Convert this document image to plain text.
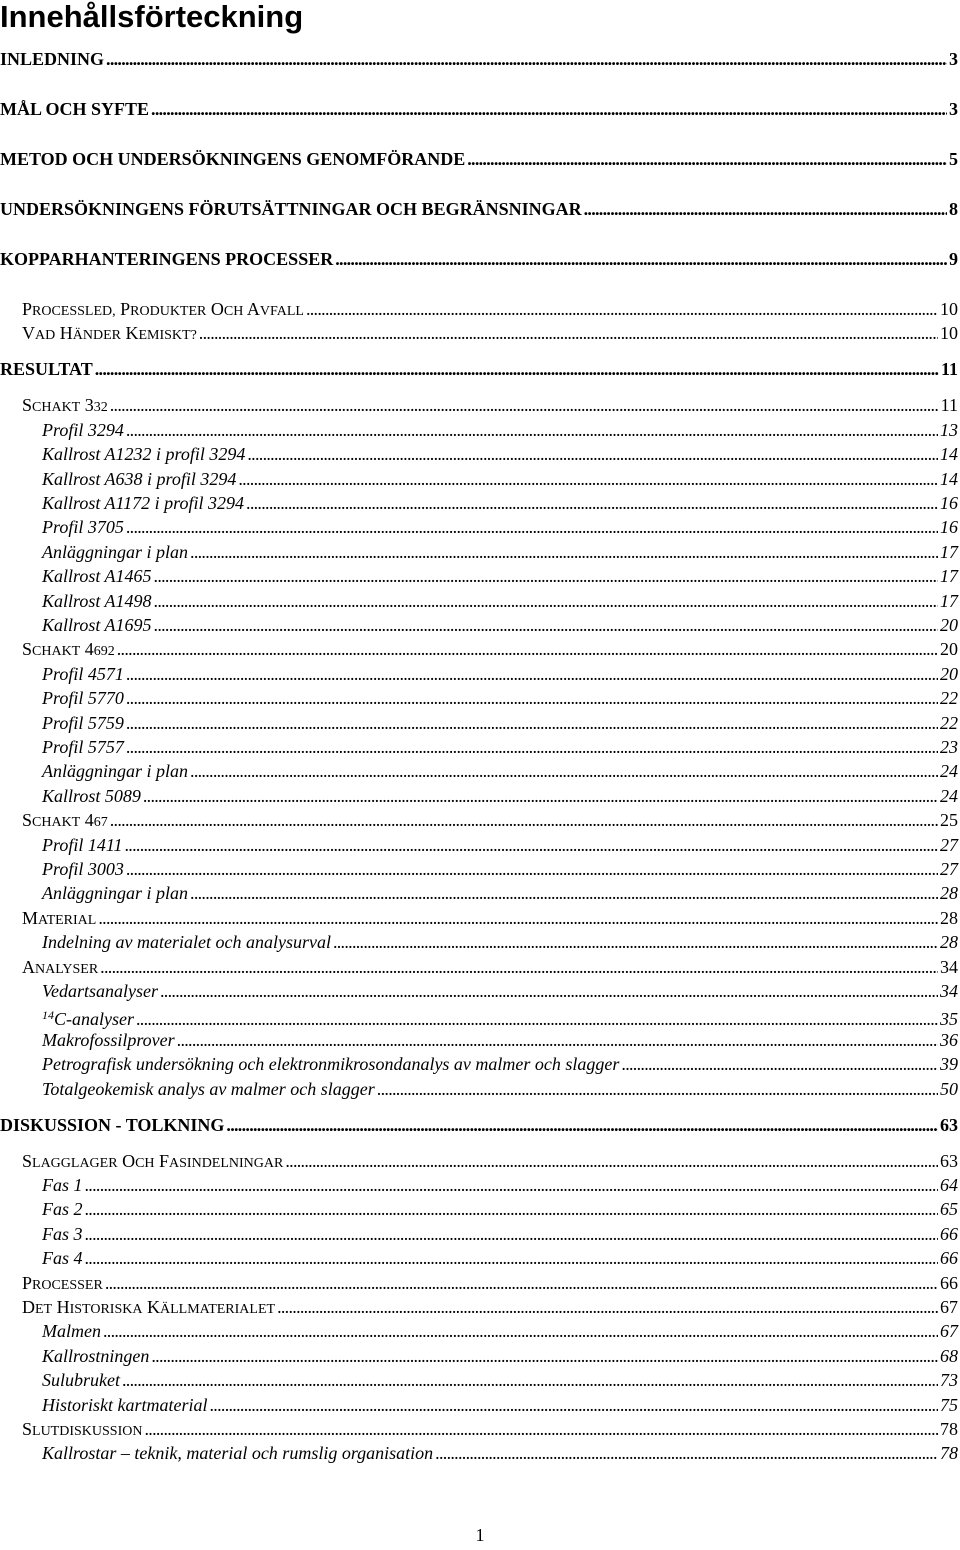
Innehållsförteckning
INLEDNING . . .	3
MÅL OCH SYFTE . . .	3
METOD OCH UNDERSÖKNINGENS GENOMFÖRANDE . . .	5
UNDERSÖKNINGENS FÖRUTSÄTTNINGAR OCH BEGRÄNSNINGAR . . .	8
KOPPARHANTERINGENS PROCESSER . . .	9
PROCESSLED, PRODUKTER OCH AVFALL . . .	10
VAD HÄNDER KEMISKT? . . .	10
RESULTAT . . .	11
SCHAKT 332 . . .	11
Profil 3294 . . .	13
Kallrost A1232 i profil 3294 . . .	14
Kallrost A638 i profil 3294 . . .	14
Kallrost A1172 i profil 3294 . . .	16
Profil 3705 . . .	16
Anläggningar i plan . . .	17
Kallrost A1465 . . .	17
Kallrost A1498 . . .	17
Kallrost A1695 . . .	20
SCHAKT 4692 . . .	20
Profil 4571 . . .	20
Profil 5770 . . .	22
Profil 5759 . . .	22
Profil 5757 . . .	23
Anläggningar i plan . . .	24
Kallrost 5089 . . .	24
SCHAKT 467 . . .	25
Profil 1411 . . .	27
Profil 3003 . . .	27
Anläggningar i plan . . .	28
MATERIAL . . .	28
Indelning av materialet och analysurval . . .	28
ANALYSER . . .	34
Vedartsanalyser . . .	34
$^{14}$C-analyser . . .	35
Makrofossilprover . . .	36
Petrografisk undersökning och elektronmikrosondanalys av malmer och slagger . . .	39
Totalgeokemisk analys av malmer och slagger . . .	50
DISKUSSION - TOLKNING . . .	63
SLAGGLAGER OCH FASINDELNINGAR . . .	63
Fas 1 . . .	64
Fas 2 . . .	65
Fas 3 . . .	66
Fas 4 . . .	66
PROCESSER . . .	66
DET HISTORISKA KÄLLMATERIALET . . .	67
Malmen . . .	67
Kallrostningen . . .	68
Sulubruket . . .	73
Historiskt kartmaterial . . .	75
SLUTDISKUSSION . . .	78
Kallrostar – teknik, material och rumslig organisation . . .	78
1
